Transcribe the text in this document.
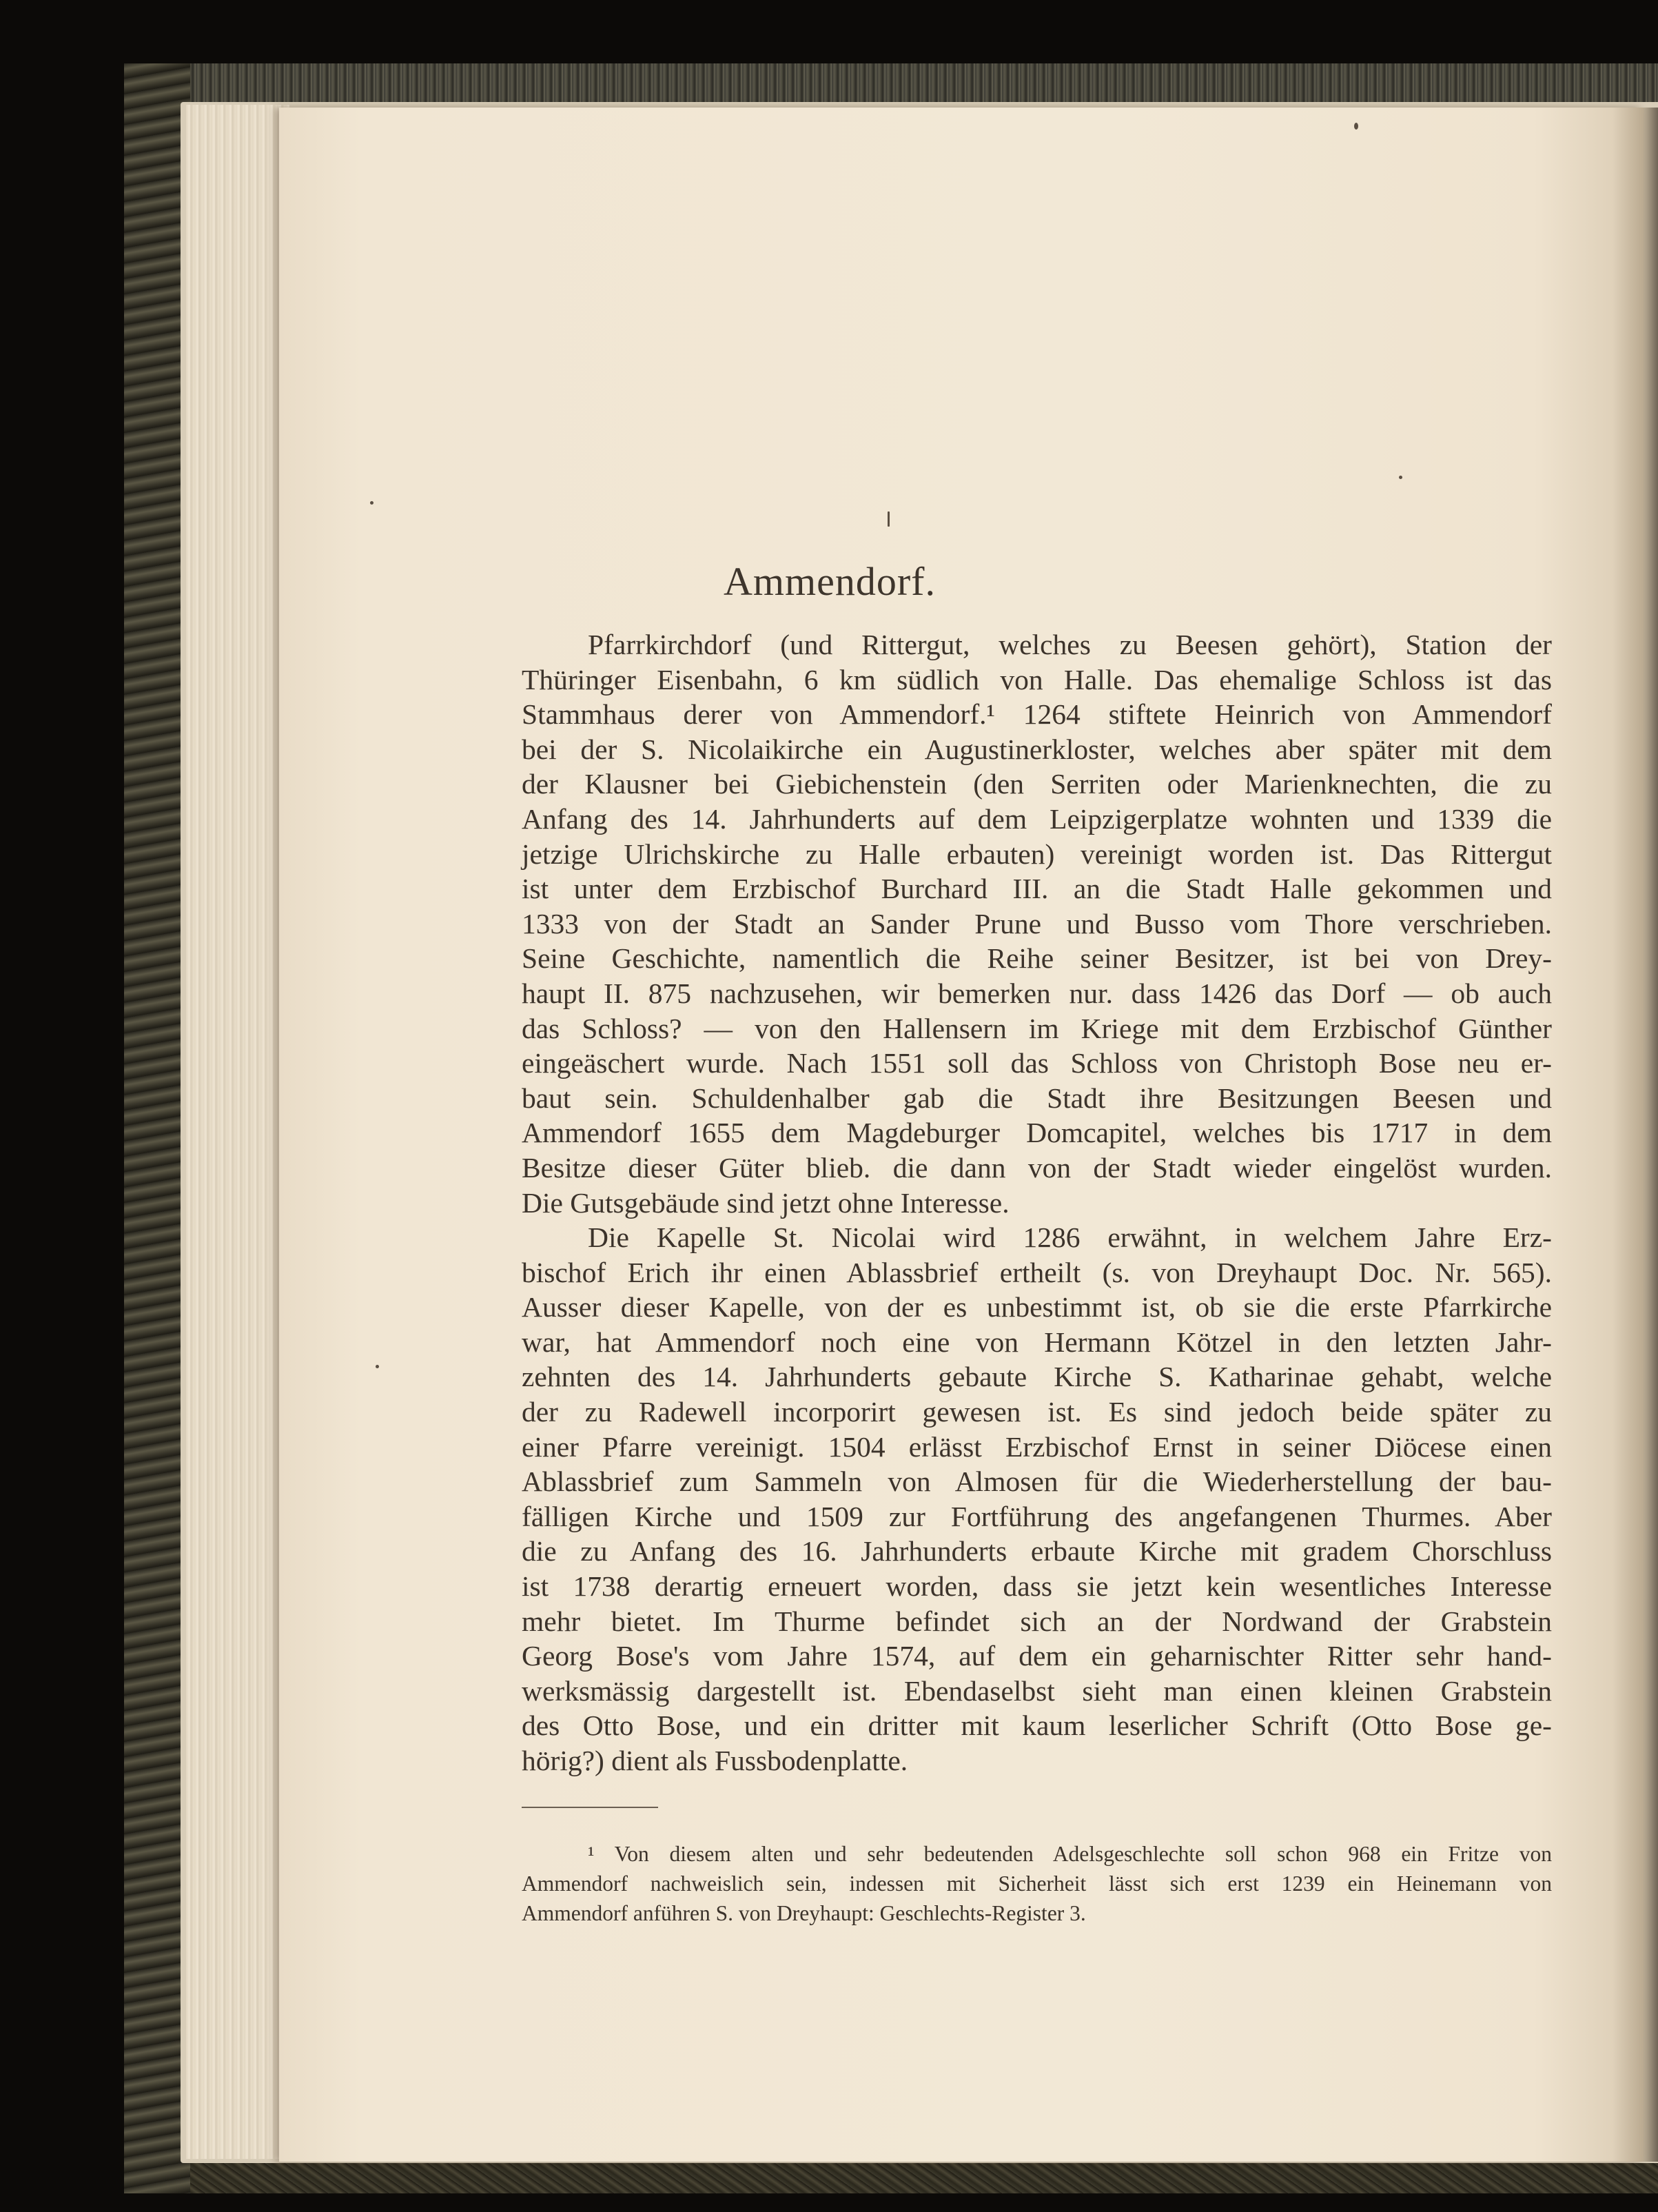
Ammendorf.

Pfarrkirchdorf (und Rittergut, welches zu Beesen gehört), Station der
Thüringer Eisenbahn, 6 km südlich von Halle. Das ehemalige Schloss ist das
Stammhaus derer von Ammendorf.¹ 1264 stiftete Heinrich von Ammendorf
bei der S. Nicolaikirche ein Augustinerkloster, welches aber später mit dem
der Klausner bei Giebichenstein (den Serriten oder Marienknechten, die zu
Anfang des 14. Jahrhunderts auf dem Leipzigerplatze wohnten und 1339 die
jetzige Ulrichskirche zu Halle erbauten) vereinigt worden ist. Das Rittergut
ist unter dem Erzbischof Burchard III. an die Stadt Halle gekommen und
1333 von der Stadt an Sander Prune und Busso vom Thore verschrieben.
Seine Geschichte, namentlich die Reihe seiner Besitzer, ist bei von Drey-
haupt II. 875 nachzusehen, wir bemerken nur. dass 1426 das Dorf — ob auch
das Schloss? — von den Hallensern im Kriege mit dem Erzbischof Günther
eingeäschert wurde. Nach 1551 soll das Schloss von Christoph Bose neu er-
baut sein. Schuldenhalber gab die Stadt ihre Besitzungen Beesen und
Ammendorf 1655 dem Magdeburger Domcapitel, welches bis 1717 in dem
Besitze dieser Güter blieb. die dann von der Stadt wieder eingelöst wurden.
Die Gutsgebäude sind jetzt ohne Interesse.

Die Kapelle St. Nicolai wird 1286 erwähnt, in welchem Jahre Erz-
bischof Erich ihr einen Ablassbrief ertheilt (s. von Dreyhaupt Doc. Nr. 565).
Ausser dieser Kapelle, von der es unbestimmt ist, ob sie die erste Pfarrkirche
war, hat Ammendorf noch eine von Hermann Kötzel in den letzten Jahr-
zehnten des 14. Jahrhunderts gebaute Kirche S. Katharinae gehabt, welche
der zu Radewell incorporirt gewesen ist. Es sind jedoch beide später zu
einer Pfarre vereinigt. 1504 erlässt Erzbischof Ernst in seiner Diöcese einen
Ablassbrief zum Sammeln von Almosen für die Wiederherstellung der bau-
fälligen Kirche und 1509 zur Fortführung des angefangenen Thurmes. Aber
die zu Anfang des 16. Jahrhunderts erbaute Kirche mit gradem Chorschluss
ist 1738 derartig erneuert worden, dass sie jetzt kein wesentliches Interesse
mehr bietet. Im Thurme befindet sich an der Nordwand der Grabstein
Georg Bose's vom Jahre 1574, auf dem ein geharnischter Ritter sehr hand-
werksmässig dargestellt ist. Ebendaselbst sieht man einen kleinen Grabstein
des Otto Bose, und ein dritter mit kaum leserlicher Schrift (Otto Bose ge-
hörig?) dient als Fussbodenplatte.

¹ Von diesem alten und sehr bedeutenden Adelsgeschlechte soll schon 968 ein Fritze von
Ammendorf nachweislich sein, indessen mit Sicherheit lässt sich erst 1239 ein Heinemann von
Ammendorf anführen S. von Dreyhaupt: Geschlechts-Register 3.
